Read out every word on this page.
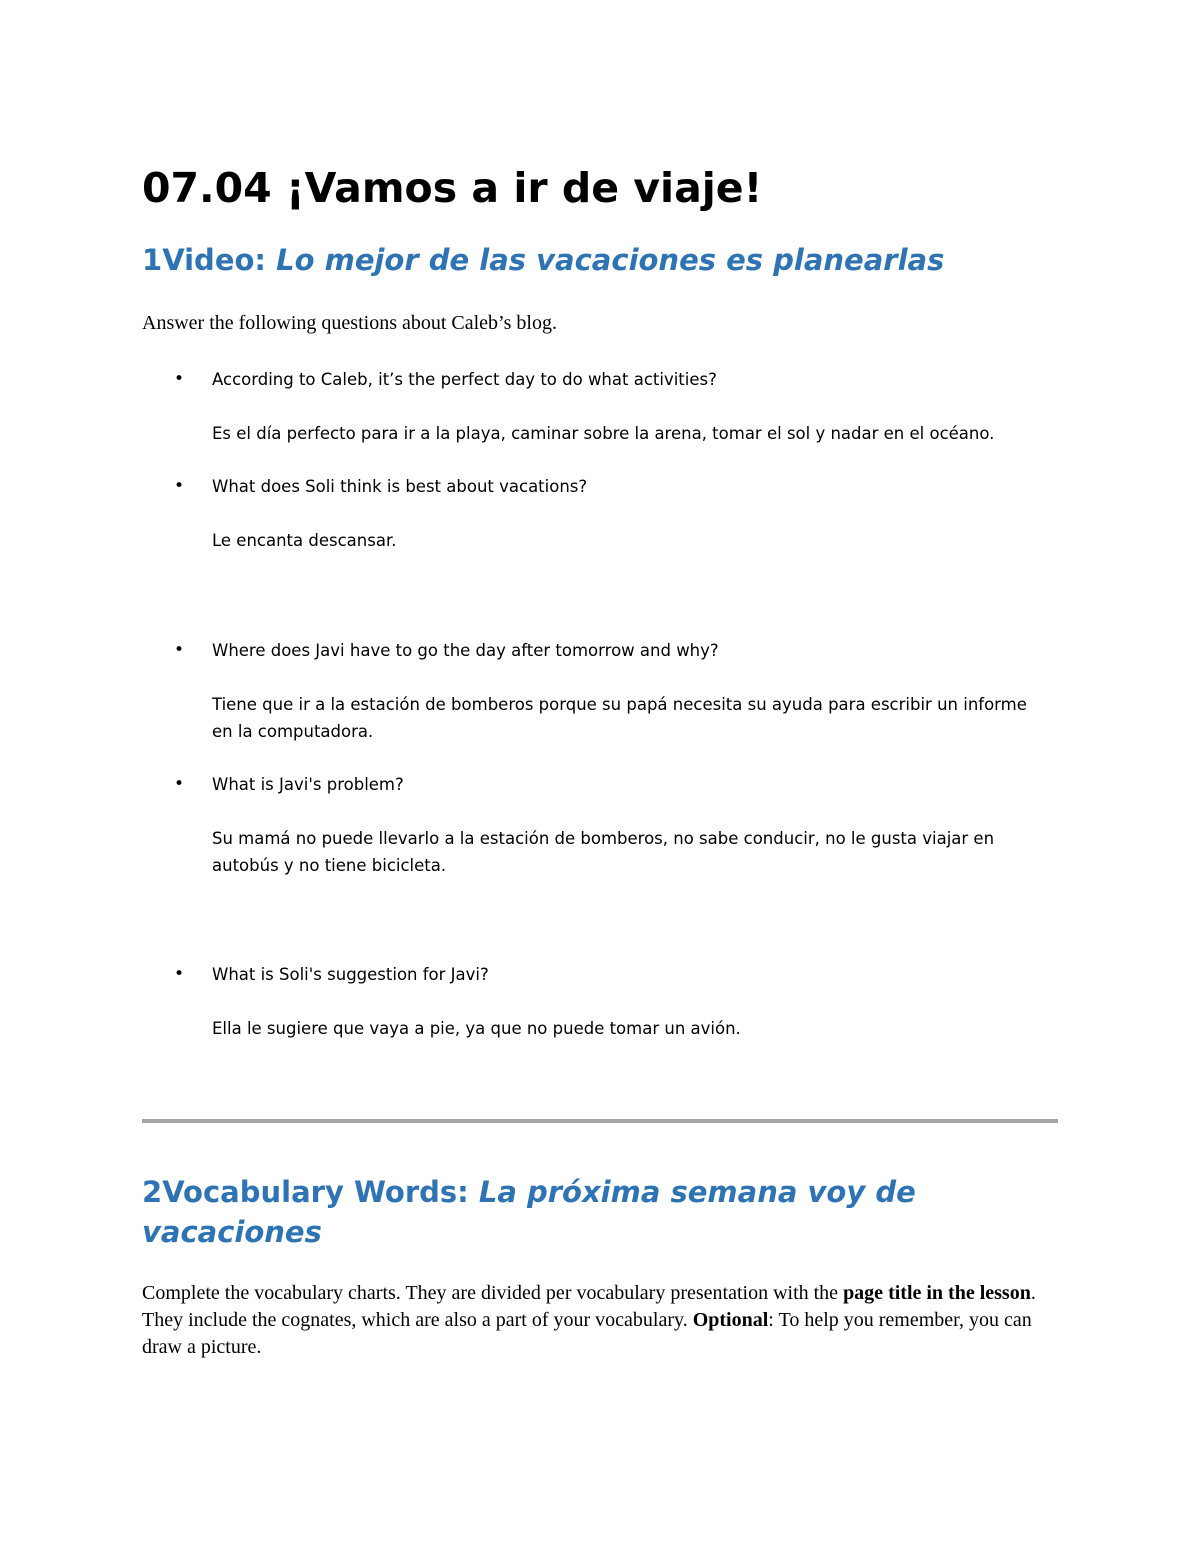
07.04 ¡Vamos a ir de viaje!
1Video: Lo mejor de las vacaciones es planearlas

Answer the following questions about Caleb’s blog.

• According to Caleb, it’s the perfect day to do what activities?

Es el día perfecto para ir a la playa, caminar sobre la arena, tomar el sol y nadar en el océano.

• What does Soli think is best about vacations?

Le encanta descansar.

• Where does Javi have to go the day after tomorrow and why?

Tiene que ir a la estación de bomberos porque su papá necesita su ayuda para escribir un informe en la computadora.

• What is Javi's problem?

Su mamá no puede llevarlo a la estación de bomberos, no sabe conducir, no le gusta viajar en autobús y no tiene bicicleta.

• What is Soli's suggestion for Javi?

Ella le sugiere que vaya a pie, ya que no puede tomar un avión.

2Vocabulary Words: La próxima semana voy de vacaciones

Complete the vocabulary charts. They are divided per vocabulary presentation with the page title in the lesson. They include the cognates, which are also a part of your vocabulary. Optional: To help you remember, you can draw a picture.
